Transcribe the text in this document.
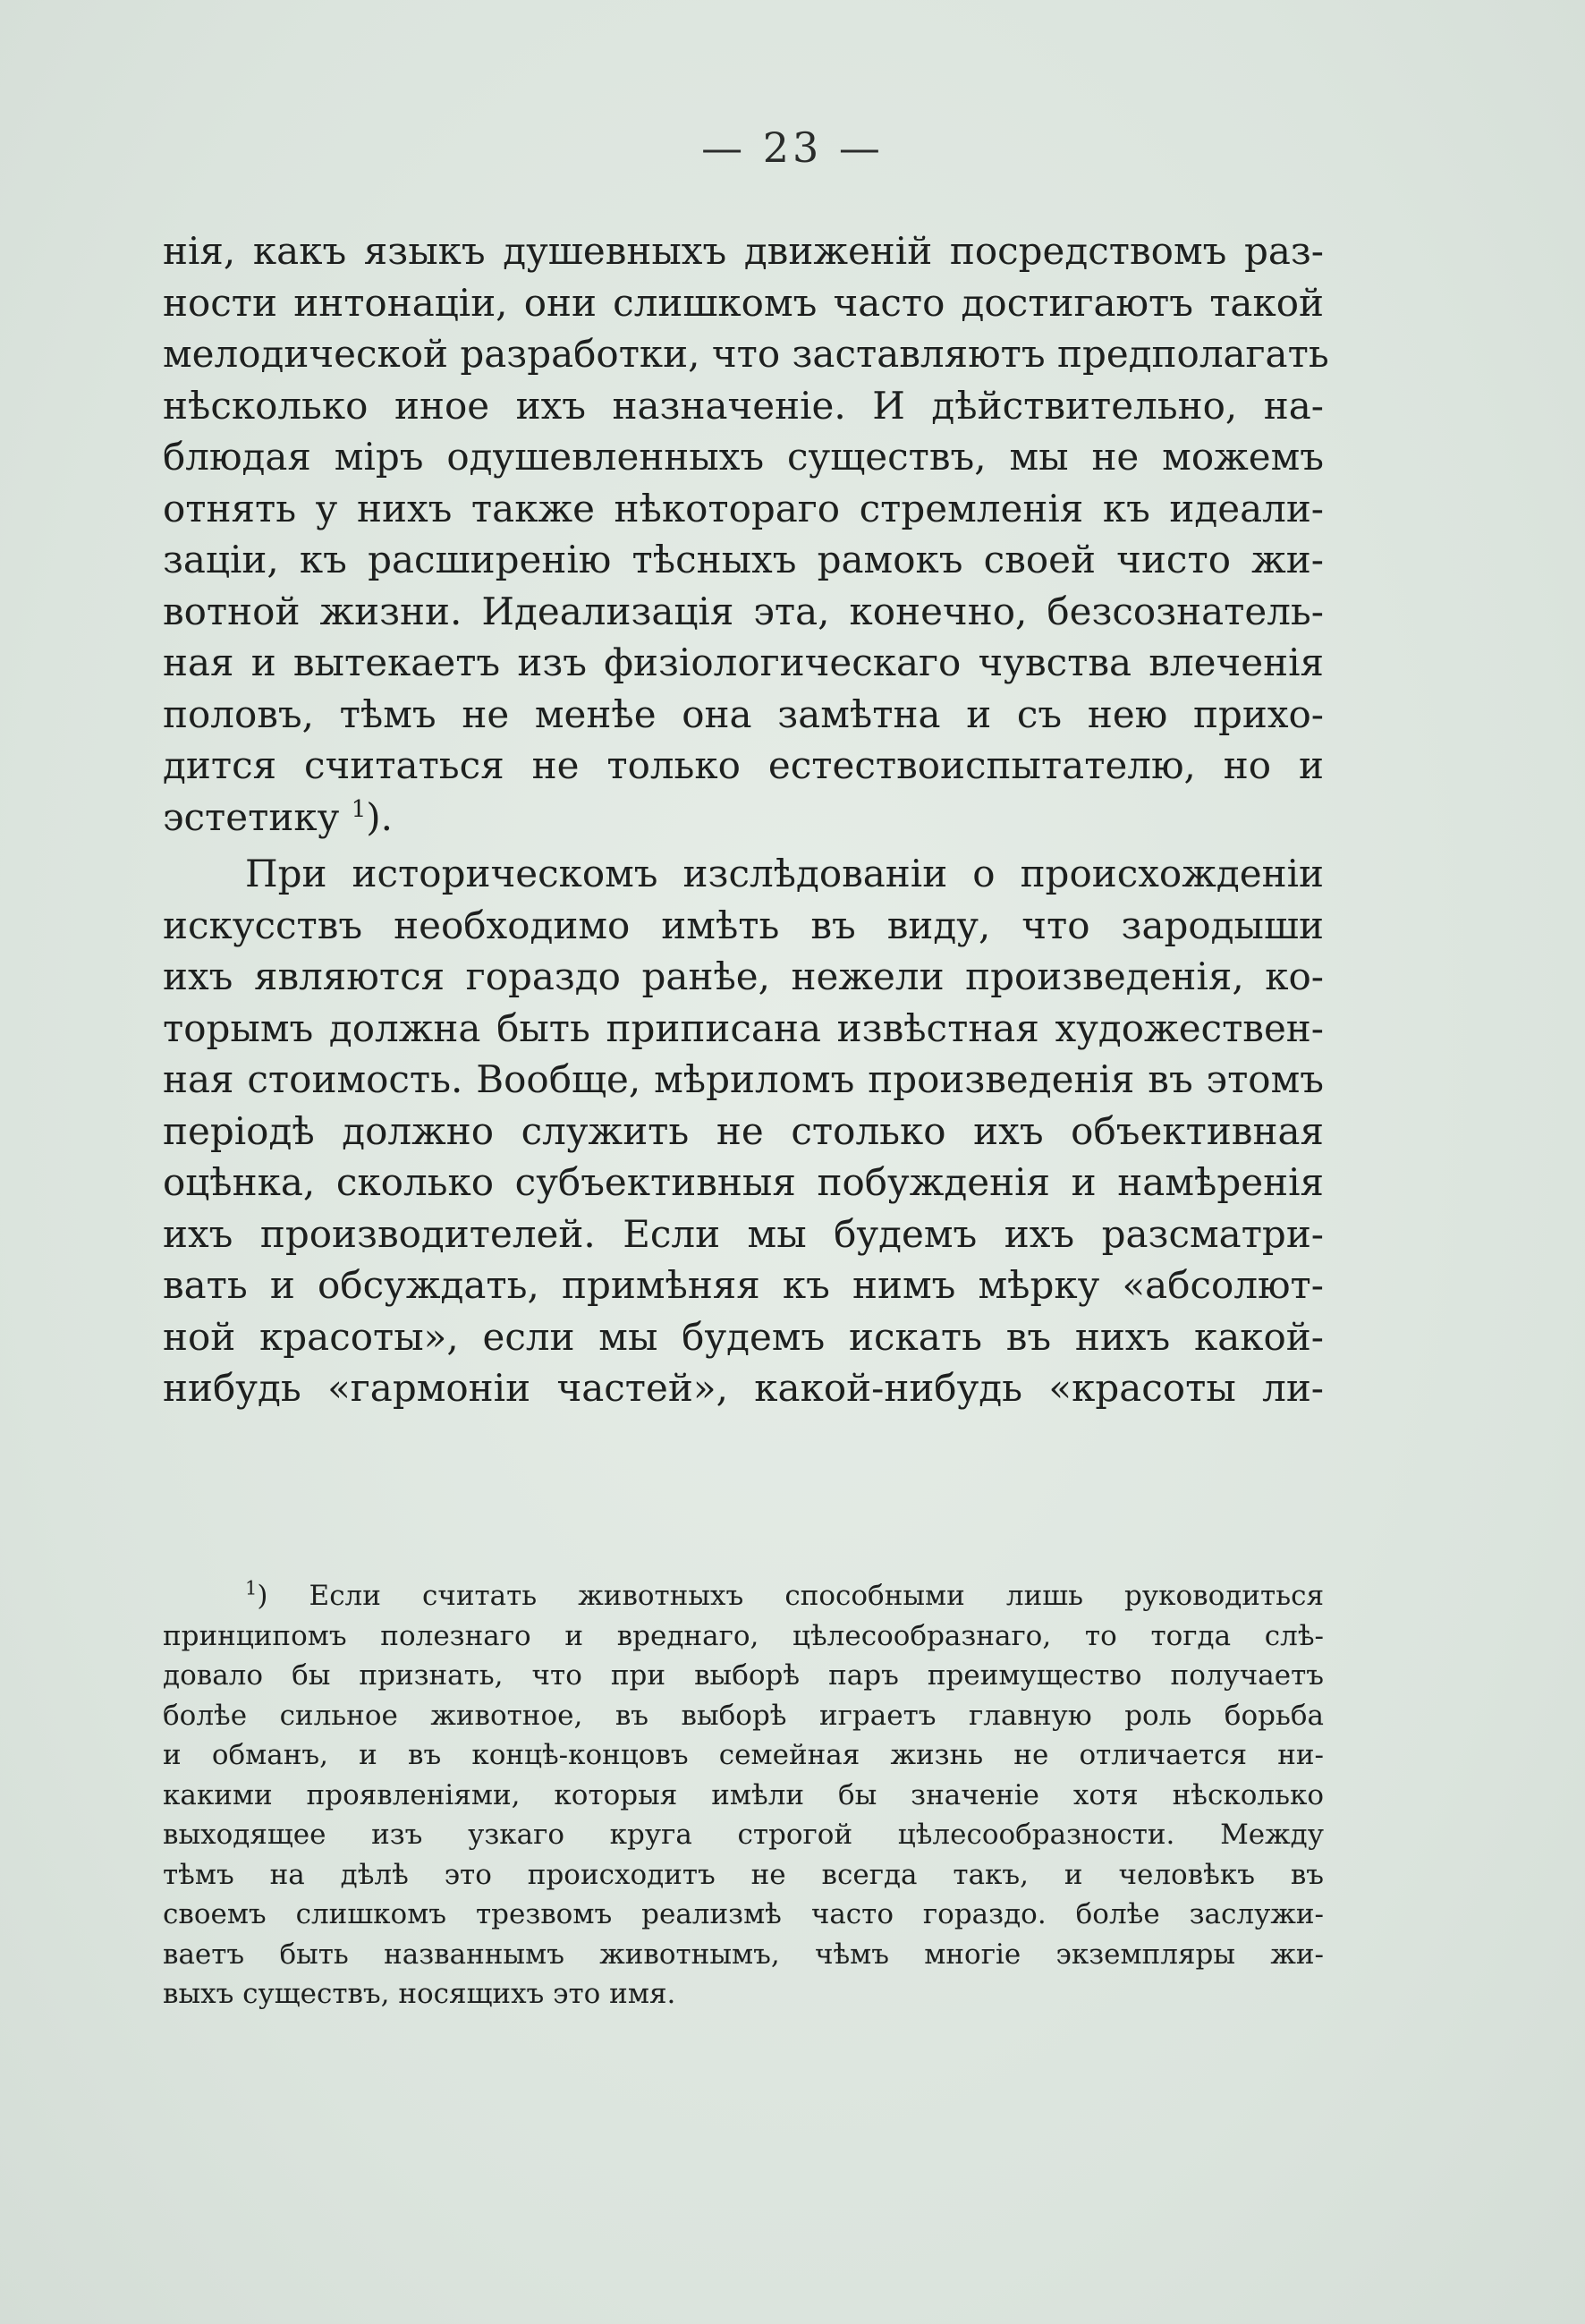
— 23 —
нія, какъ языкъ душевныхъ движеній посредствомъ раз-
ности интонаціи, они слишкомъ часто достигаютъ такой
мелодической разработки, что заставляютъ предполагать
нѣсколько иное ихъ назначеніе. И дѣйствительно, на-
блюдая міръ одушевленныхъ существъ, мы не можемъ
отнять у нихъ также нѣкотораго стремленія къ идеали-
заціи, къ расширенію тѣсныхъ рамокъ своей чисто жи-
вотной жизни. Идеализація эта, конечно, безсознатель-
ная и вытекаетъ изъ физіологическаго чувства влеченія
половъ, тѣмъ не менѣе она замѣтна и съ нею прихо-
дится считаться не только естествоиспытателю, но и
эстетику $^1$).
При историческомъ изслѣдованіи о происхожденіи
искусствъ необходимо имѣть въ виду, что зародыши
ихъ являются гораздо ранѣе, нежели произведенія, ко-
торымъ должна быть приписана извѣстная художествен-
ная стоимость. Вообще, мѣриломъ произведенія въ этомъ
періодѣ должно служить не столько ихъ объективная
оцѣнка, сколько субъективныя побужденія и намѣренія
ихъ производителей. Если мы будемъ ихъ разсматри-
вать и обсуждать, примѣняя къ нимъ мѣрку «абсолют-
ной красоты», если мы будемъ искать въ нихъ какой-
нибудь «гармоніи частей», какой-нибудь «красоты ли-
$^1$) Если считать животныхъ способными лишь руководиться
принципомъ полезнаго и вреднаго, цѣлесообразнаго, то тогда слѣ-
довало бы признать, что при выборѣ паръ преимущество получаетъ
болѣе сильное животное, въ выборѣ играетъ главную роль борьба
и обманъ, и въ концѣ-концовъ семейная жизнь не отличается ни-
какими проявленіями, которыя имѣли бы значеніе хотя нѣсколько
выходящее изъ узкаго круга строгой цѣлесообразности. Между
тѣмъ на дѣлѣ это происходитъ не всегда такъ, и человѣкъ въ
своемъ слишкомъ трезвомъ реализмѣ часто гораздо. болѣе заслужи-
ваетъ быть названнымъ животнымъ, чѣмъ многіе экземпляры жи-
выхъ существъ, носящихъ это имя.
